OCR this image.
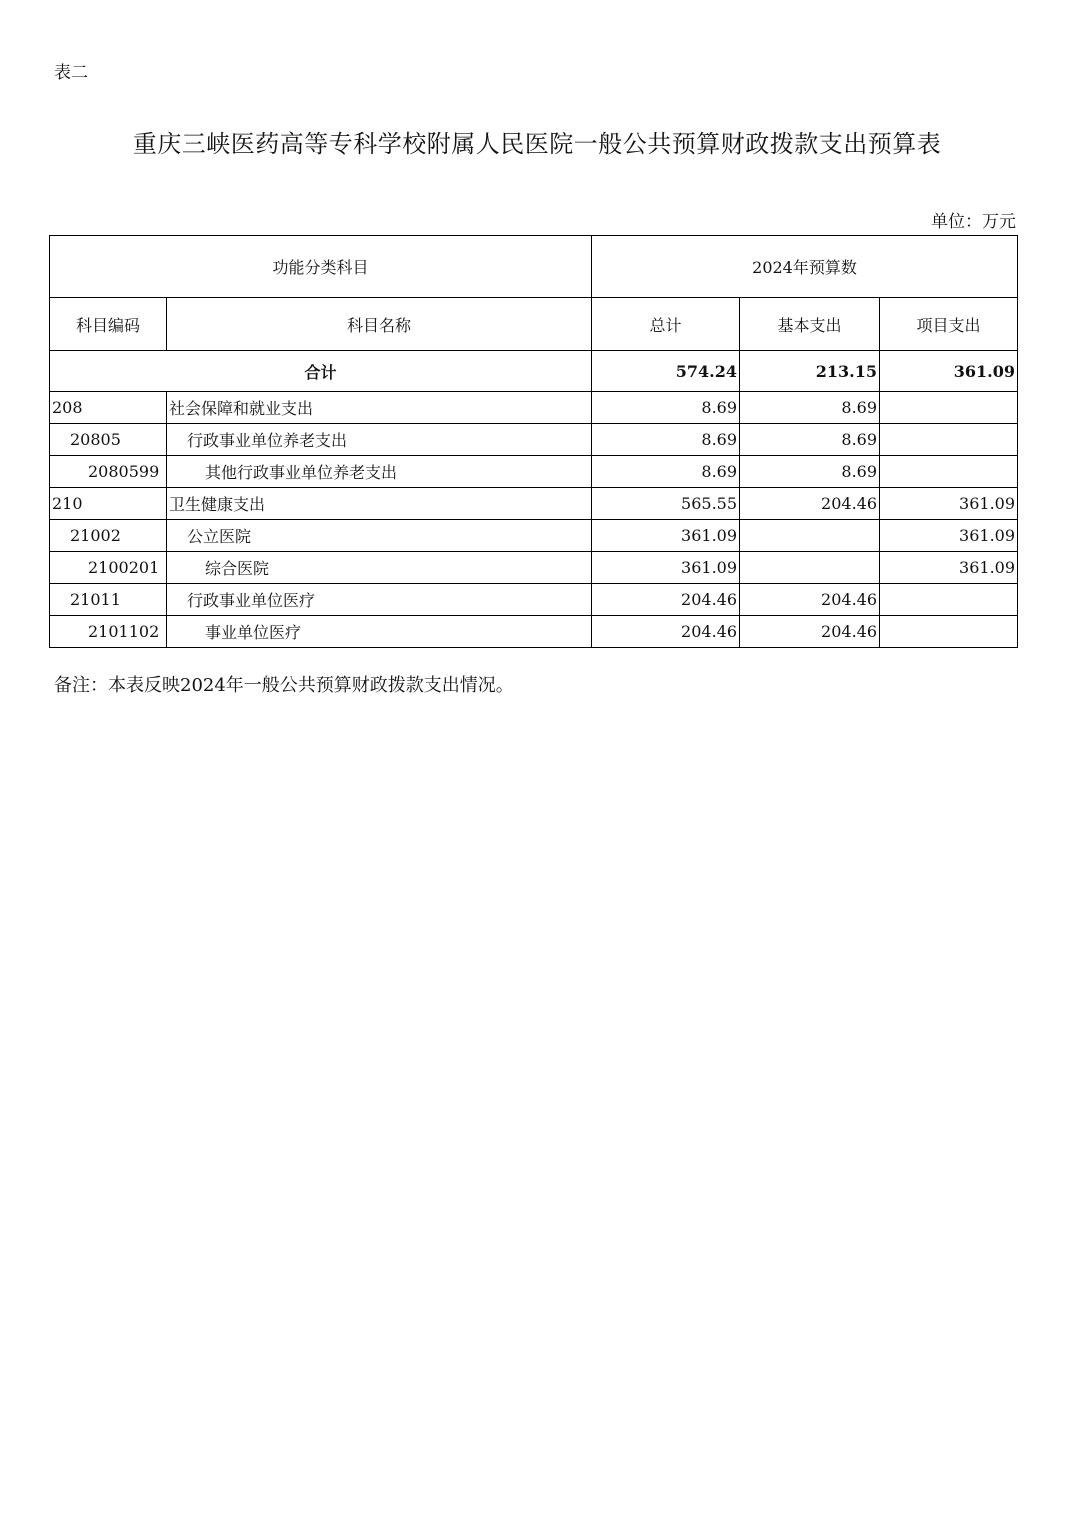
表二
重庆三峡医药高等专科学校附属人民医院一般公共预算财政拨款支出预算表
单位：万元
功能分类科目		2024年预算数		
科目编码	科目名称	总计	基本支出	项目支出
合计		574.24	213.15	361.09
208	社会保障和就业支出	8.69	8.69	
20805	行政事业单位养老支出	8.69	8.69	
2080599	其他行政事业单位养老支出	8.69	8.69	
210	卫生健康支出	565.55	204.46	361.09
21002	公立医院	361.09		361.09
2100201	综合医院	361.09		361.09
21011	行政事业单位医疗	204.46	204.46	
2101102	事业单位医疗	204.46	204.46	
备注：本表反映2024年一般公共预算财政拨款支出情况。
